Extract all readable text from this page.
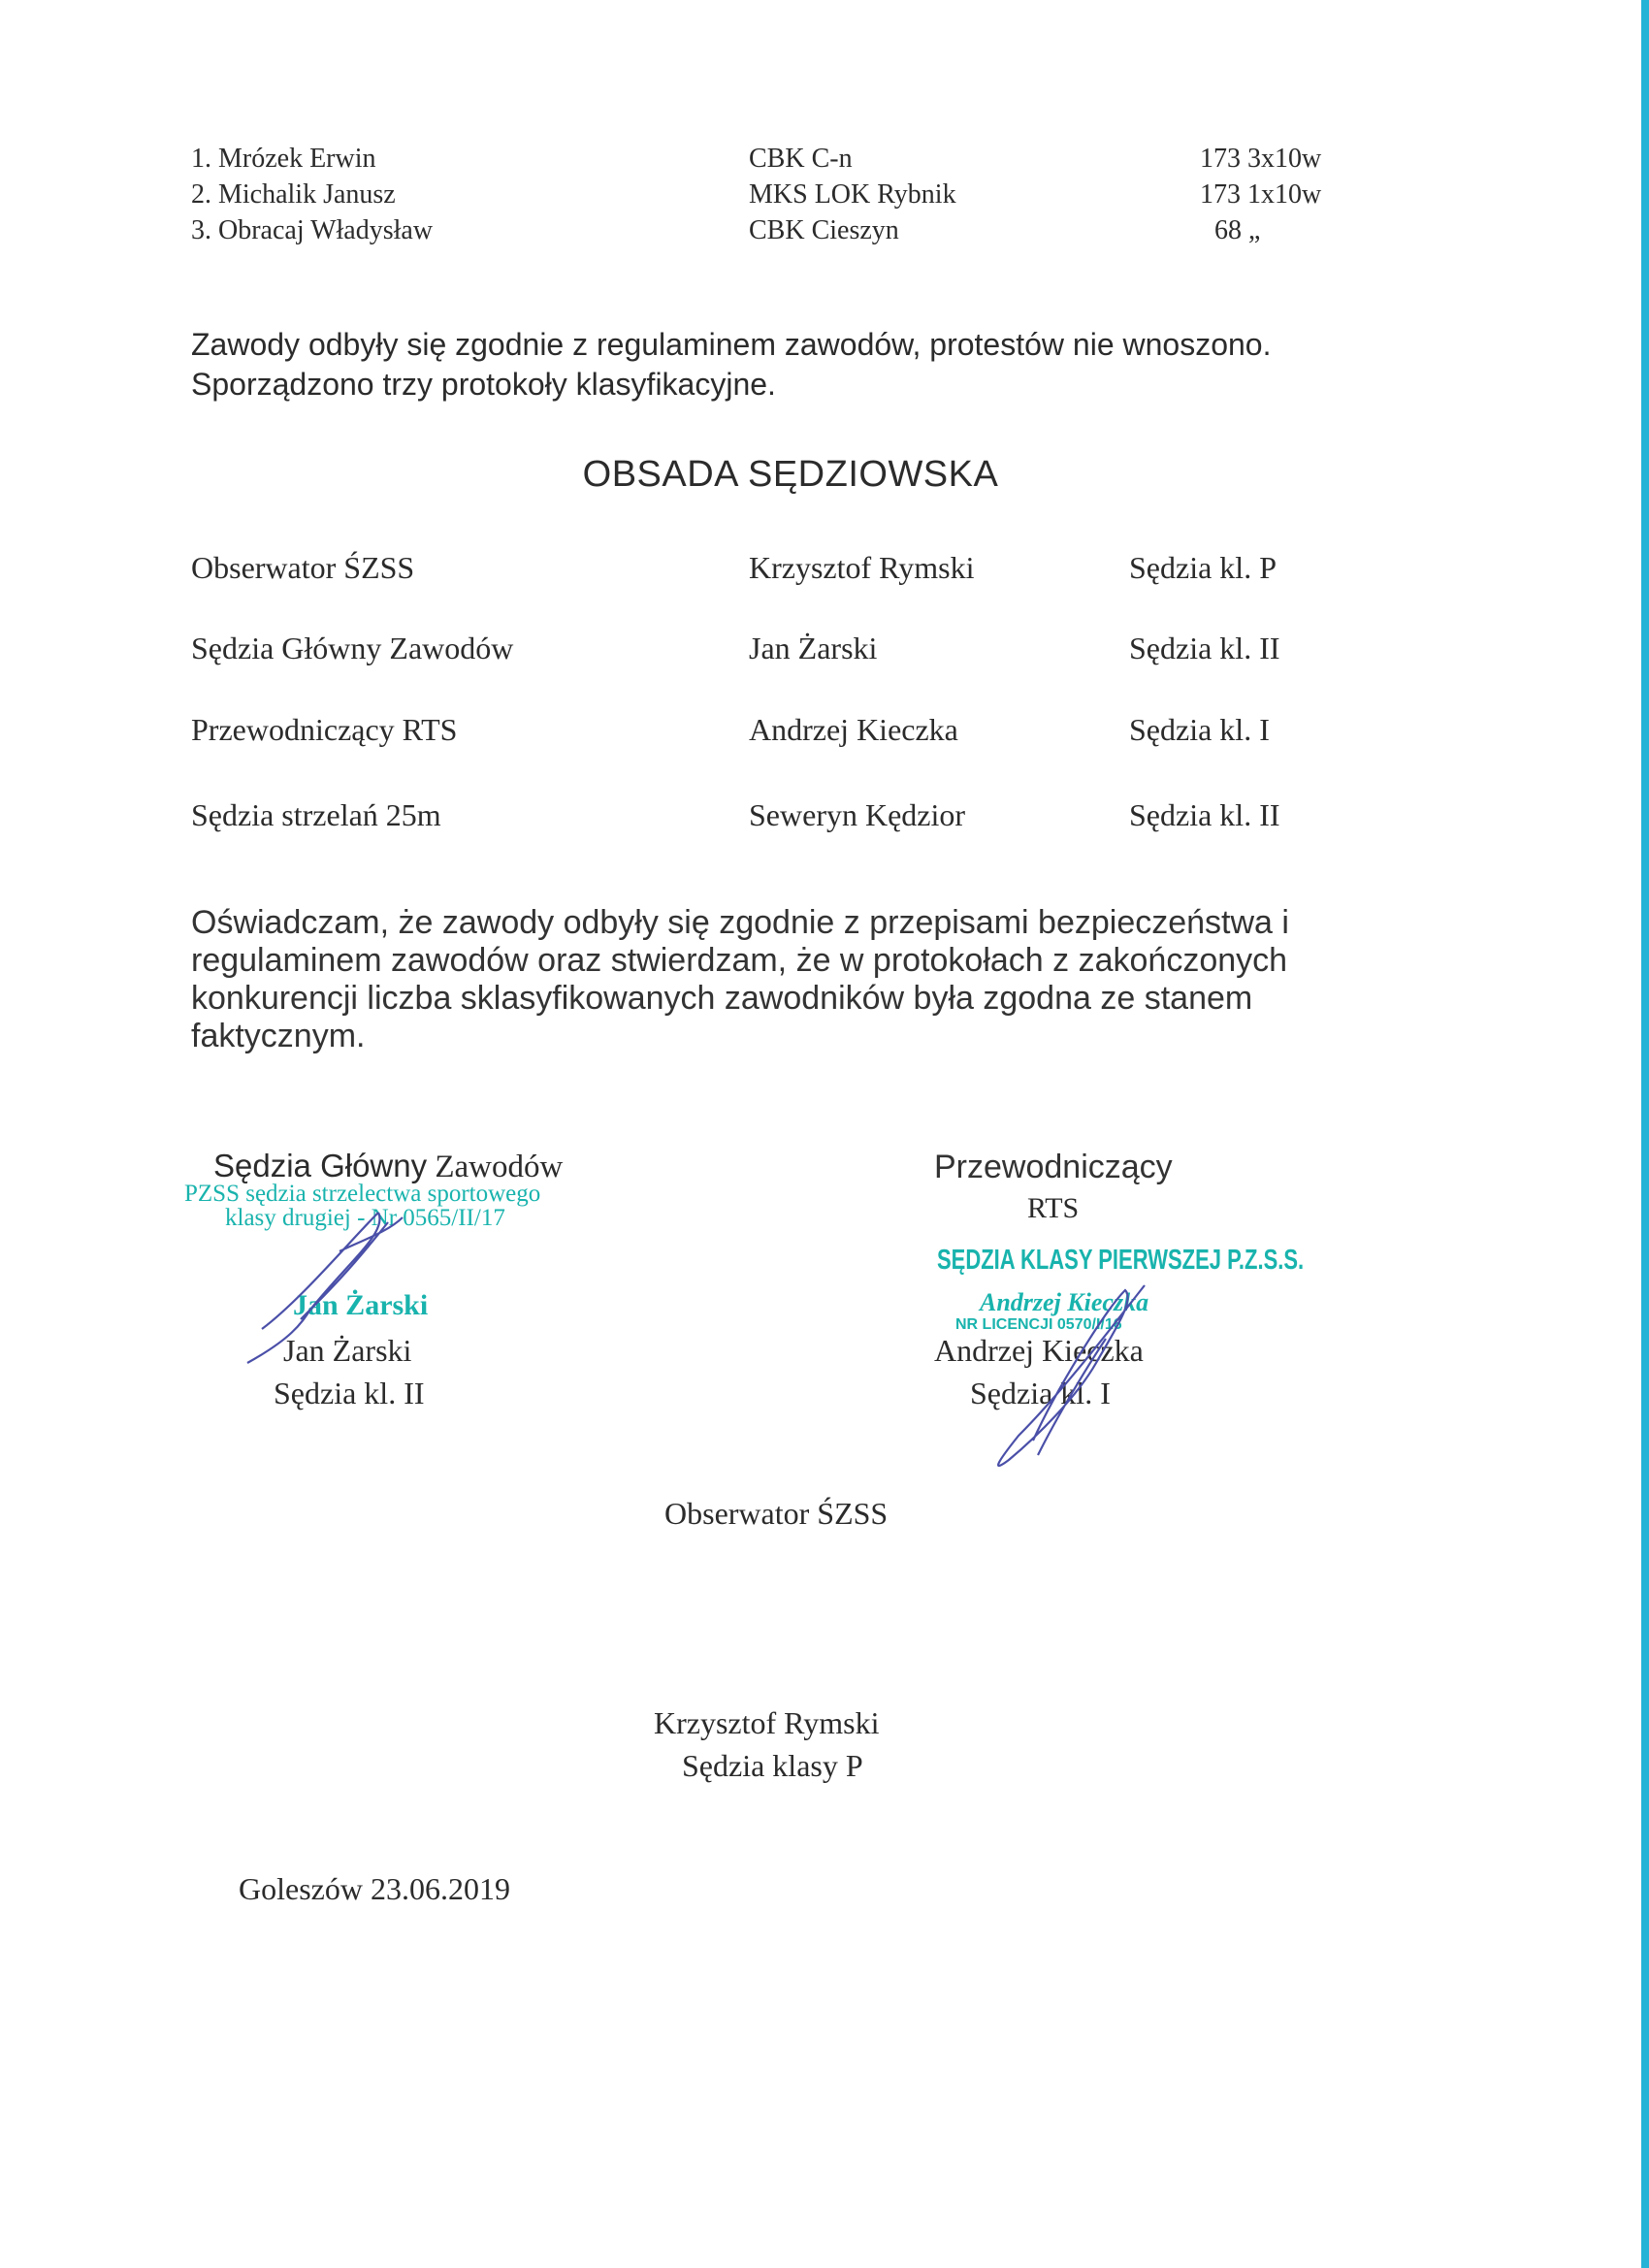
1. Mrózek Erwin	CBK C-n	173 3x10w
2. Michalik Janusz	MKS LOK Rybnik	173 1x10w
3. Obracaj Władysław	CBK Cieszyn	68 „
Zawody odbyły się zgodnie z regulaminem zawodów, protestów nie wnoszono. Sporządzono trzy protokoły klasyfikacyjne.
OBSADA SĘDZIOWSKA
Obserwator ŚZSS	Krzysztof Rymski	Sędzia kl. P
Sędzia Główny Zawodów	Jan Żarski	Sędzia kl. II
Przewodniczący RTS	Andrzej Kieczka	Sędzia kl. I
Sędzia strzelań 25m	Seweryn Kędzior	Sędzia kl. II
Oświadczam, że zawody odbyły się zgodnie z przepisami bezpieczeństwa i regulaminem zawodów oraz stwierdzam, że w protokołach z zakończonych konkurencji liczba sklasyfikowanych zawodników była zgodna ze stanem faktycznym.
Sędzia Główny Zawodów
PZSS sędzia strzelectwa sportowego
klasy drugiej - Nr 0565/II/17
Jan Żarski
Jan Żarski
Sędzia kl. II
Przewodniczący
RTS
SĘDZIA KLASY PIERWSZEJ P.Z.S.S.
Andrzej Kieczka
NR LICENCJI 0570/I/16
Andrzej Kieczka
Sędzia kl. I
Obserwator ŚZSS
Krzysztof Rymski
Sędzia klasy P
Goleszów 23.06.2019
